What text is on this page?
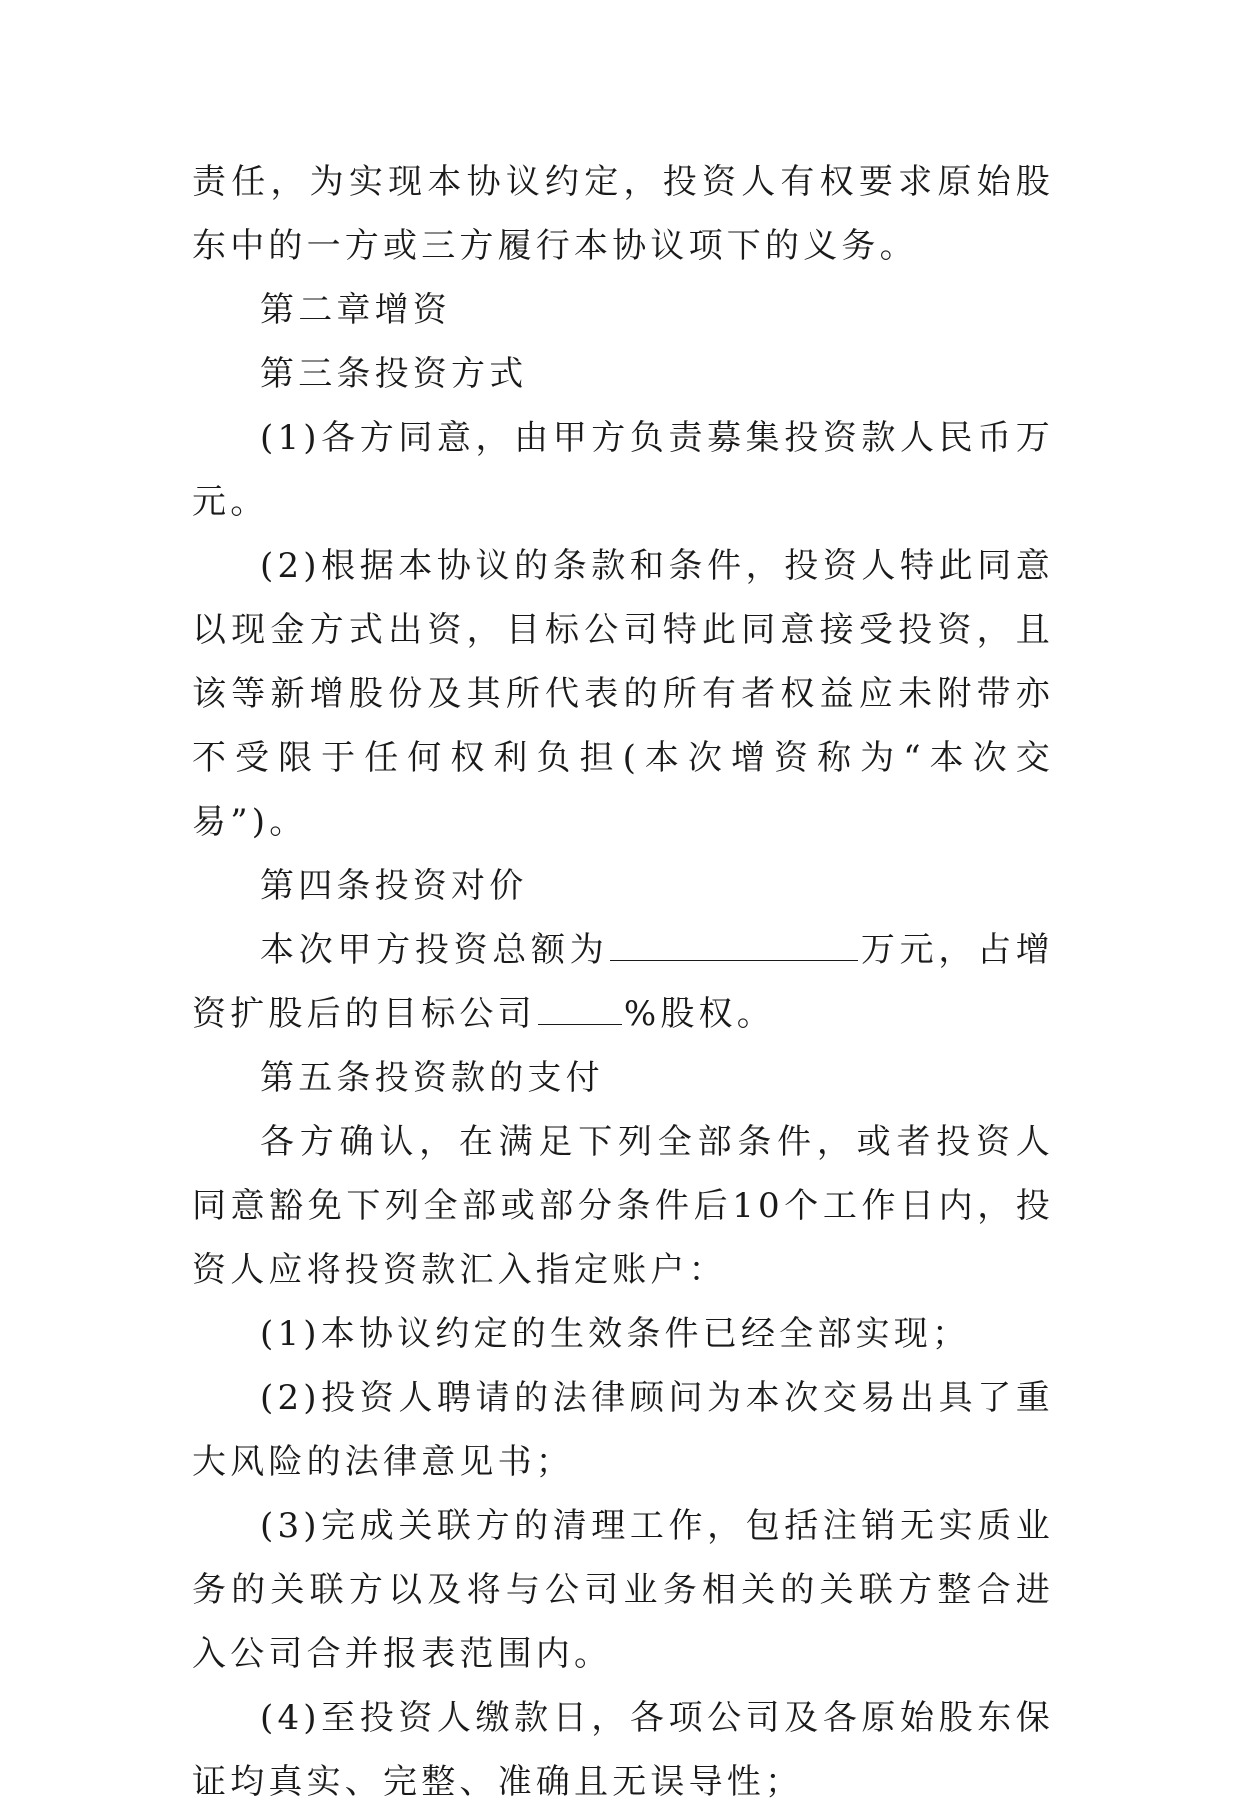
责任，为实现本协议约定，投资人有权要求原始股东中的一方或三方履行本协议项下的义务。

第二章增资

第三条投资方式

(1)各方同意，由甲方负责募集投资款人民币万元。

(2)根据本协议的条款和条件，投资人特此同意以现金方式出资，目标公司特此同意接受投资，且该等新增股份及其所代表的所有者权益应未附带亦不受限于任何权利负担(本次增资称为“本次交易”)。

第四条投资对价

本次甲方投资总额为	万元，占增资扩股后的目标公司	%股权。

第五条投资款的支付

各方确认，在满足下列全部条件，或者投资人同意豁免下列全部或部分条件后10个工作日内，投资人应将投资款汇入指定账户：

(1)本协议约定的生效条件已经全部实现；

(2)投资人聘请的法律顾问为本次交易出具了重大风险的法律意见书；

(3)完成关联方的清理工作，包括注销无实质业务的关联方以及将与公司业务相关的关联方整合进入公司合并报表范围内。

(4)至投资人缴款日，各项公司及各原始股东保证均真实、完整、准确且无误导性；
